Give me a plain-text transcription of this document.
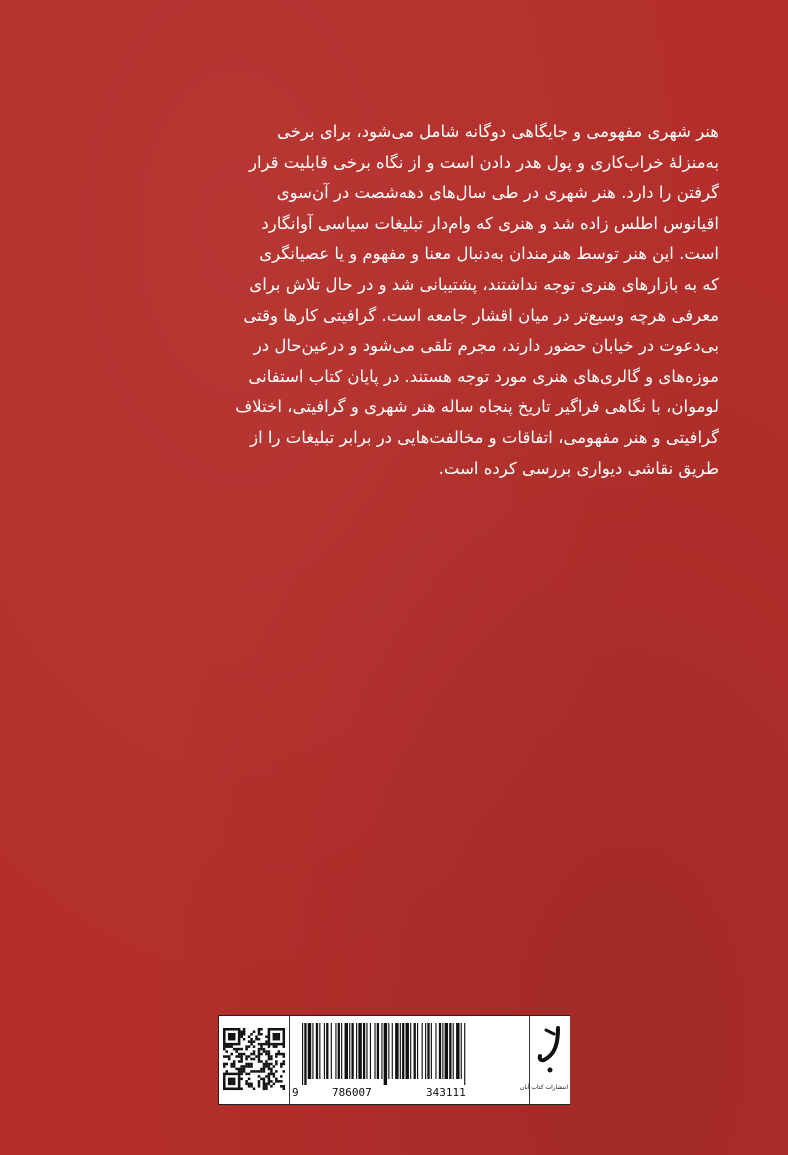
هنر شهری مفهومی و جایگاهی دوگانه شامل می‌شود، برای برخی
به‌منزلهٔ خراب‌کاری و پول هدر دادن است و از نگاه برخی قابلیت قرار
گرفتن را دارد. هنر شهری در طی سال‌های دهه‌شصت در آن‌سوی
اقیانوس اطلس زاده شد و هنری که وام‌دار تبلیغات سیاسی آوانگارد
است. این هنر توسط هنرمندان به‌دنبال معنا و مفهوم و یا عصیانگری
که به بازارهای هنری توجه نداشتند، پشتیبانی شد و در حال تلاش برای
معرفی هرچه وسیع‌تر در میان اقشار جامعه است. گرافیتی کارها وقتی
بی‌دعوت در خیابان حضور دارند، مجرم تلقی می‌شود و درعین‌حال در
موزه‌های و گالری‌های هنری مورد توجه هستند. در پایان کتاب استفانی
لوموان، با نگاهی فراگیر تاریخ پنجاه ساله هنر شهری و گرافیتی، اختلاف
گرافیتی و هنر مفهومی، اتفاقات و مخالفت‌هایی در برابر تبلیغات را از
طریق نقاشی دیواری بررسی کرده است.
9	786007	343111	انتشارات کتاب آبان
